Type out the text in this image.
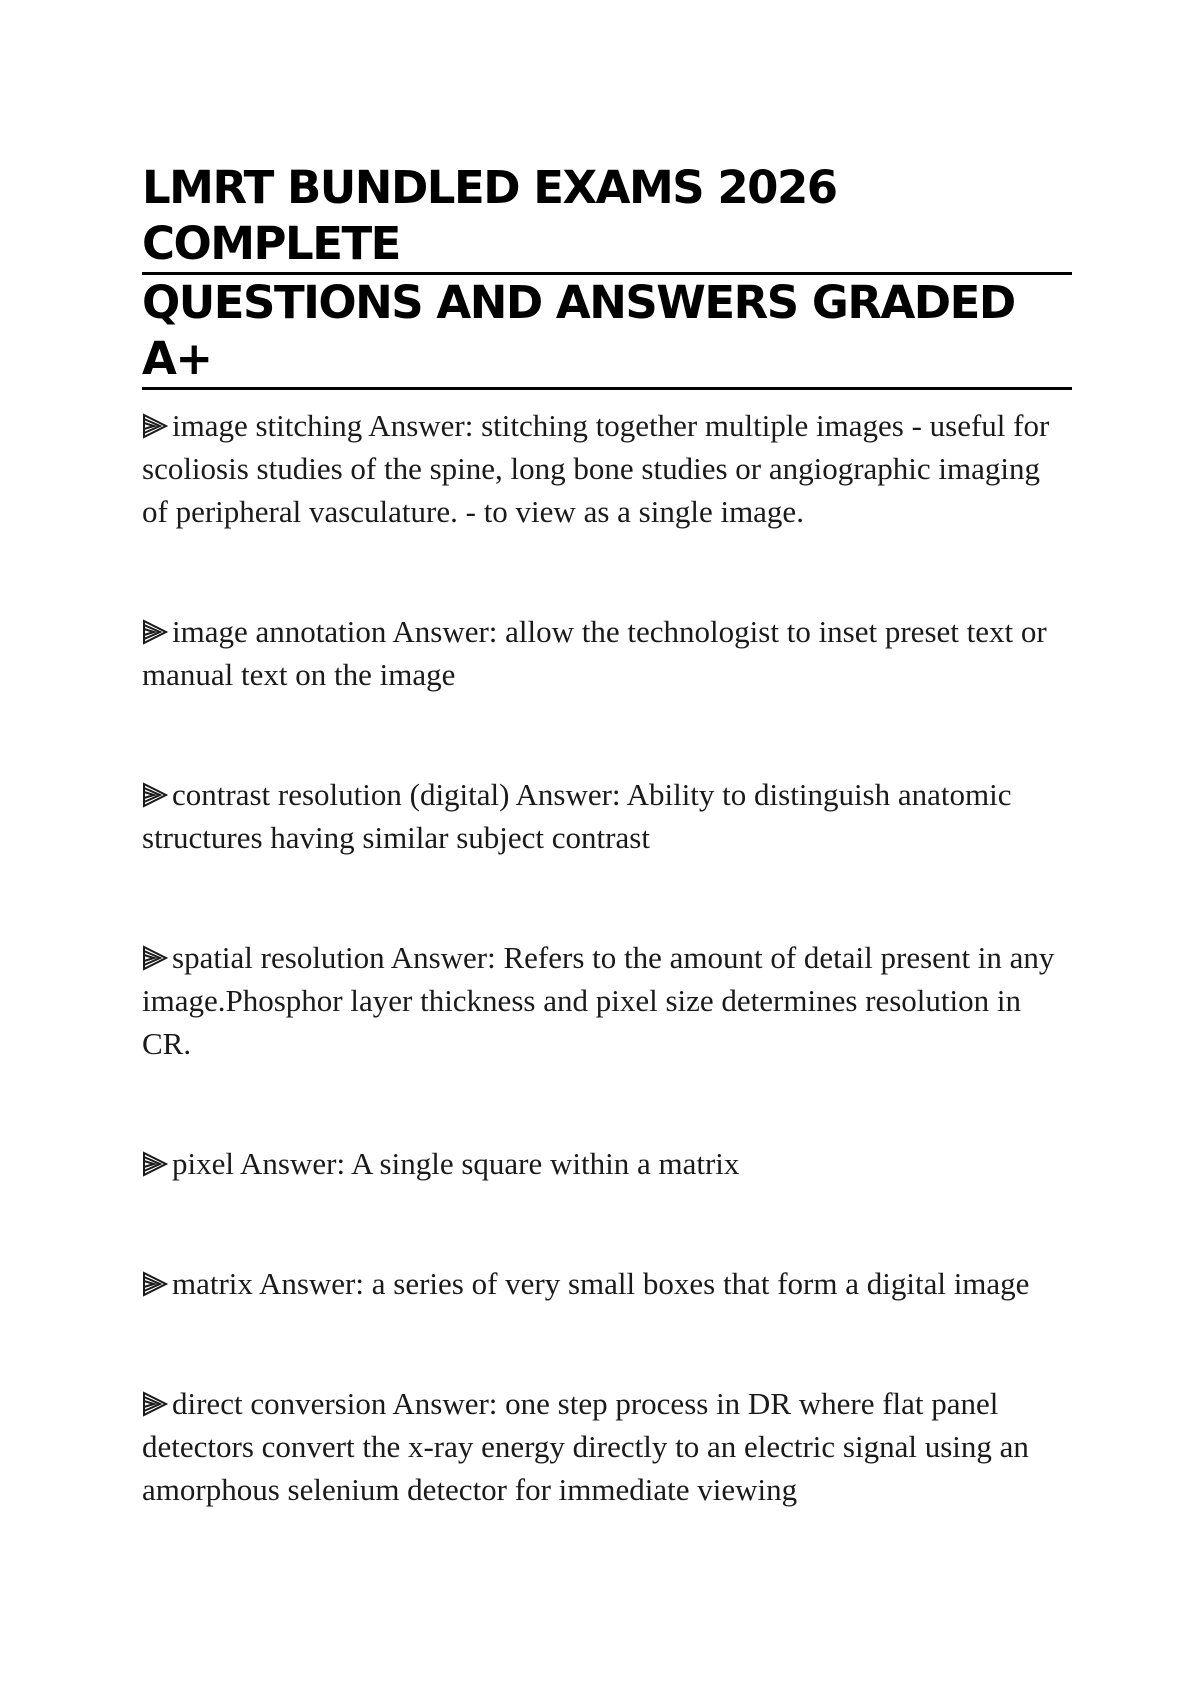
LMRT BUNDLED EXAMS 2026 COMPLETE
QUESTIONS AND ANSWERS GRADED A+

image stitching Answer: stitching together multiple images - useful for scoliosis studies of the spine, long bone studies or angiographic imaging of peripheral vasculature. - to view as a single image.

image annotation Answer: allow the technologist to inset preset text or manual text on the image

contrast resolution (digital) Answer: Ability to distinguish anatomic structures having similar subject contrast

spatial resolution Answer: Refers to the amount of detail present in any image.Phosphor layer thickness and pixel size determines resolution in CR.

pixel Answer: A single square within a matrix

matrix Answer: a series of very small boxes that form a digital image

direct conversion Answer: one step process in DR where flat panel detectors convert the x-ray energy directly to an electric signal using an amorphous selenium detector for immediate viewing
